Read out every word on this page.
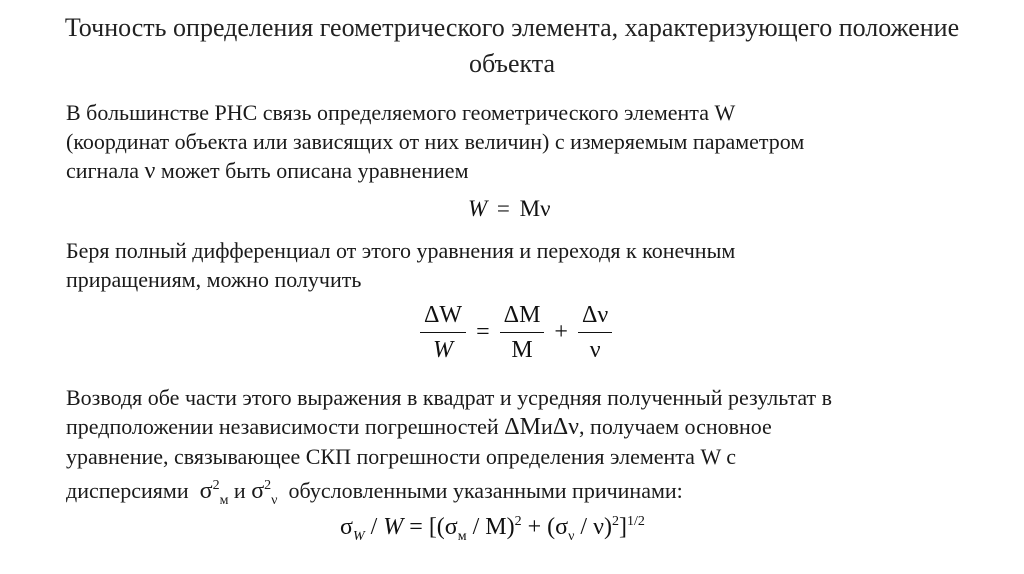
Точность определения геометрического элемента, характеризующего положение объекта
В большинстве РНС связь определяемого геометрического элемента W
(координат объекта или зависящих от них величин) с измеряемым параметром
сигнала ν может быть описана уравнением
W = Mν
Беря полный дифференциал от этого уравнения и переходя к конечным
приращениям, можно получить
$\frac{\Delta W}{W} = \frac{\Delta M}{M} + \frac{\Delta\nu}{\nu}$
Возводя обе части этого выражения в квадрат и усредняя полученный результат в
предположении независимости погрешностей ΔMиΔν, получаем основное
уравнение, связывающее СКП погрешности определения элемента W с
дисперсиями $\sigma^2_м$ и $\sigma^2_\nu$ обусловленными указанными причинами:
$\sigma_W / W = [(\sigma_м / M)^2 + (\sigma_\nu / \nu)^2]^{1/2}$
